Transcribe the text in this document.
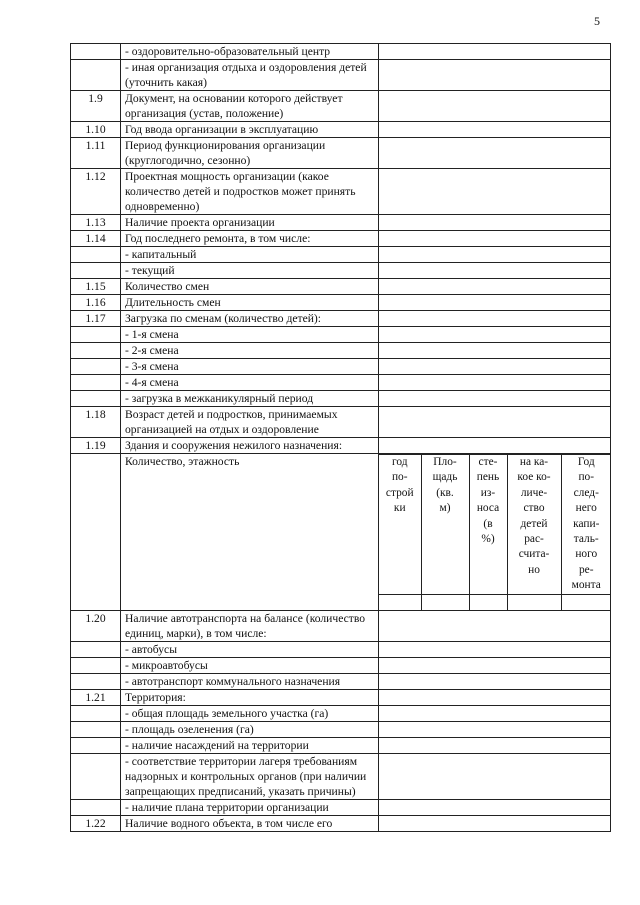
5
	- оздоровительно-образовательный центр	
	- иная организация отдыха и оздоровления детей (уточнить какая)	
1.9	Документ, на основании которого действует организация (устав, положение)	
1.10	Год ввода организации в эксплуатацию	
1.11	Период функционирования организации (круглогодично, сезонно)	
1.12	Проектная мощность организации (какое количество детей и подростков может принять одновременно)	
1.13	Наличие проекта организации	
1.14	Год последнего ремонта, в том числе:	
	- капитальный	
	- текущий	
1.15	Количество смен	
1.16	Длительность смен	
1.17	Загрузка по сменам (количество детей):	
	- 1-я смена	
	- 2-я смена	
	- 3-я смена	
	- 4-я смена	
	- загрузка в межканикулярный период	
1.18	Возраст детей и подростков, принимаемых организацией на отдых и оздоровление	
1.19	Здания и сооружения нежилого назначения:	
	Количество, этажность		год
по-
строй
ки	Пло-
щадь
(кв.
м)	сте-
пень
из-
носа
(в
%)	на ка-
кое ко-
личе-
ство
детей
рас-
счита-
но	Год
по-
след-
него
капи-
таль-
ного
ре-
монта

1.20	Наличие автотранспорта на балансе (количество единиц, марки), в том числе:	
	- автобусы	
	- микроавтобусы	
	- автотранспорт коммунального назначения	
1.21	Территория:	
	- общая площадь земельного участка (га)	
	- площадь озеленения (га)	
	- наличие насаждений на территории	
	- соответствие территории лагеря требованиям надзорных и контрольных органов (при наличии запрещающих предписаний, указать причины)	
	- наличие плана территории организации	
1.22	Наличие водного объекта, в том числе его	
